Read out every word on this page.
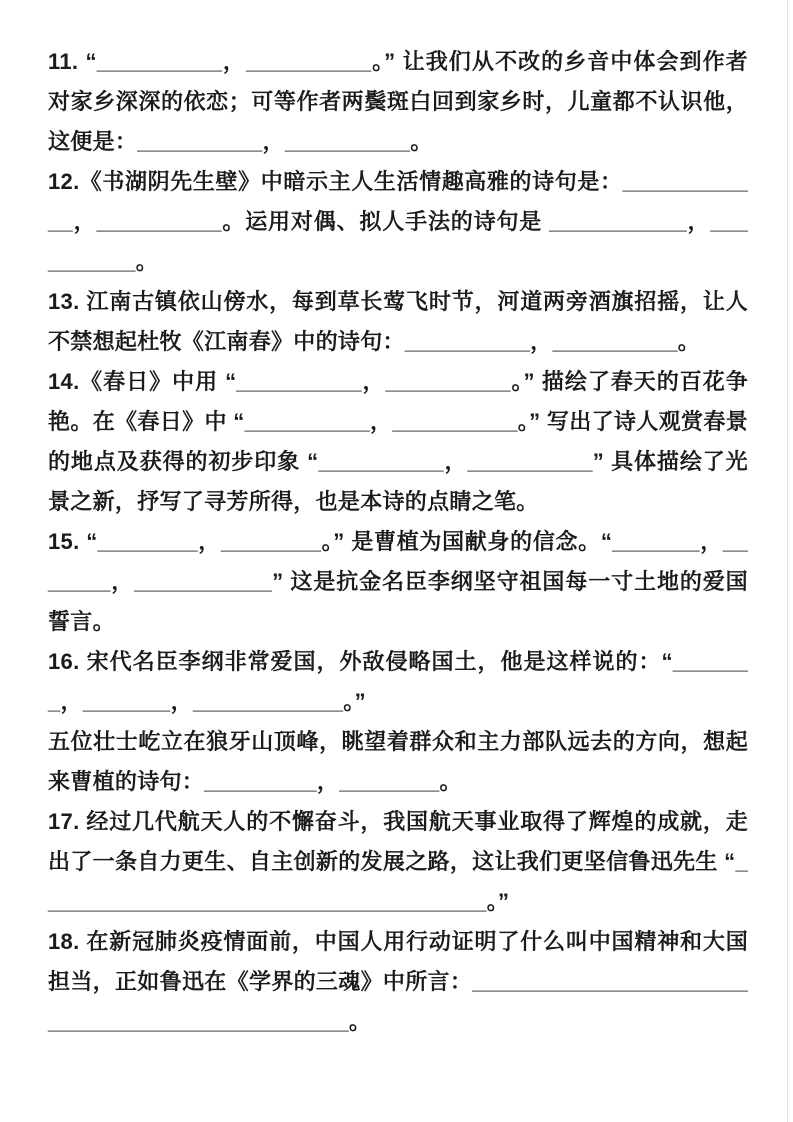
11. “__________，__________。” 让我们从不改的乡音中体会到作者对家乡深深的依恋；可等作者两鬓斑白回到家乡时，儿童都不认识他，这便是：__________，__________。

12.《书湖阴先生壁》中暗示主人生活情趣高雅的诗句是：____________，__________。运用对偶、拟人手法的诗句是 ___________，__________。

13. 江南古镇依山傍水，每到草长莺飞时节，河道两旁酒旗招摇，让人不禁想起杜牧《江南春》中的诗句：__________，__________。

14.《春日》中用 “__________，__________。” 描绘了春天的百花争艳。在《春日》中 “__________，__________。” 写出了诗人观赏春景的地点及获得的初步印象 “__________，__________” 具体描绘了光景之新，抒写了寻芳所得，也是本诗的点睛之笔。

15. “________，________。” 是曹植为国献身的信念。“_______，_______，___________” 这是抗金名臣李纲坚守祖国每一寸土地的爱国誓言。

16. 宋代名臣李纲非常爱国，外敌侵略国土，他是这样说的：“_______，_______，____________。”

五位壮士屹立在狼牙山顶峰，眺望着群众和主力部队远去的方向，想起来曹植的诗句：_________，________。

17. 经过几代航天人的不懈奋斗，我国航天事业取得了辉煌的成就，走出了一条自力更生、自主创新的发展之路，这让我们更坚信鲁迅先生 “____________________________________。”

18. 在新冠肺炎疫情面前，中国人用行动证明了什么叫中国精神和大国担当，正如鲁迅在《学界的三魂》中所言：______________________________________________。
